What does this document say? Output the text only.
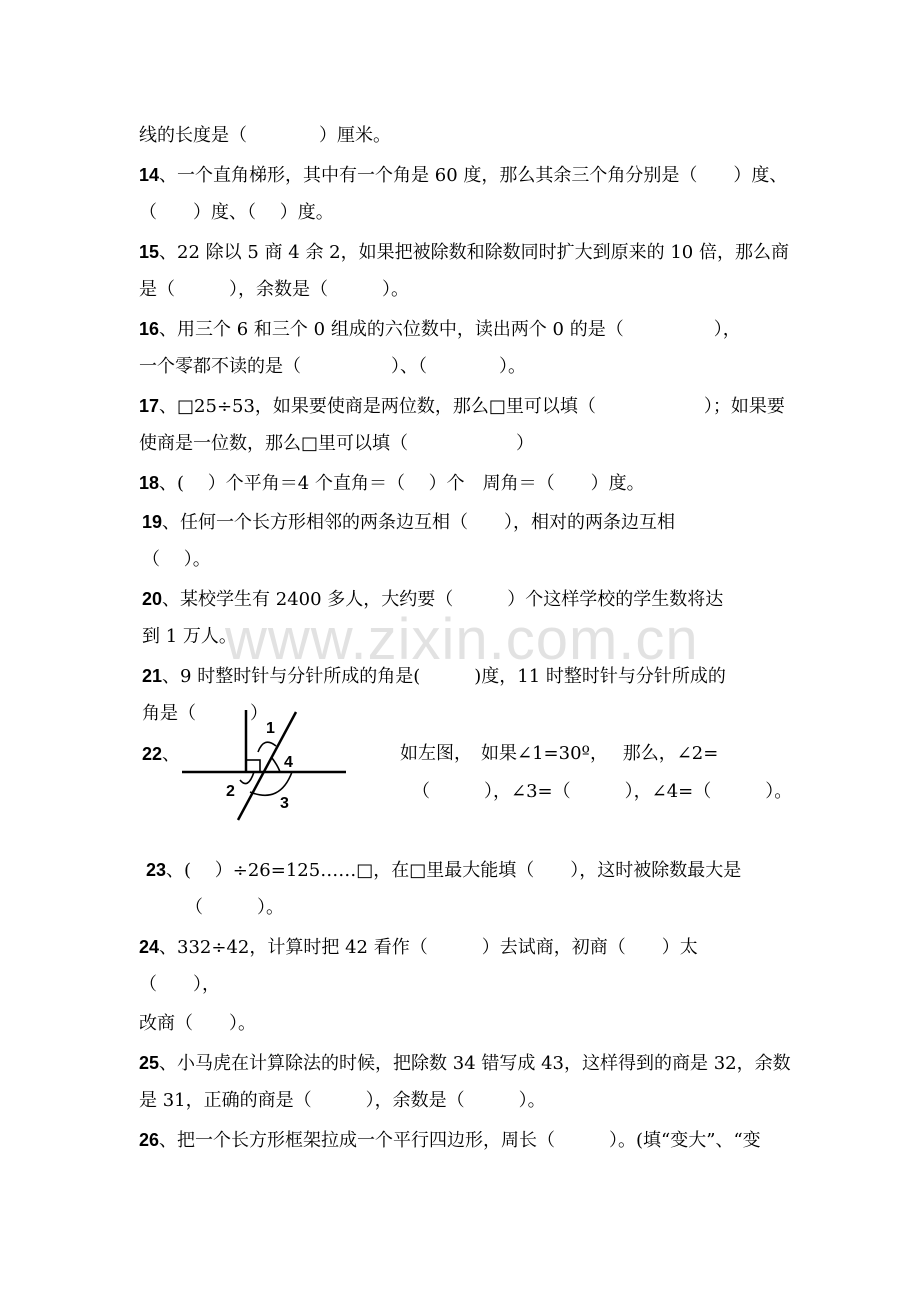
www.zixin.com.cn
线的长度是（　　　　）厘米。
14、一个直角梯形，其中有一个角是 60 度，那么其余三个角分别是（　　）度、
（　　）度、（　 ）度。
15、22 除以 5 商 4 余 2，如果把被除数和除数同时扩大到原来的 10 倍，那么商
是（　　　），余数是（　　　）。
16、用三个 6 和三个 0 组成的六位数中，读出两个 0 的是（　　　　　），
一个零都不读的是（　　　　　）、（　　　　）。
17、□25÷53，如果要使商是两位数，那么□里可以填（　　　　　　）；如果要
使商是一位数，那么□里可以填（　　　　　　）
18、(　 ）个平角＝4 个直角＝（　 ）个　周角＝（　　）度。
19、任何一个长方形相邻的两条边互相（　　），相对的两条边互相
（　 ）。
20、某校学生有 2400 多人，大约要（　　　）个这样学校的学生数将达
到 1 万人。
21、9 时整时针与分针所成的角是(　　　)度，11 时整时针与分针所成的
角是（　　　）
22、
1
4
2
3
如左图，　如果∠1=30º，　 那么，∠2=
（　　　），∠3=（　　　），∠4=（　　　）。
23、(　 ）÷26=125……□，在□里最大能填（　　），这时被除数最大是
（　　　）。
24、332÷42，计算时把 42 看作（　　　）去试商，初商（　　）太
（　　），
改商（　　）。
25、小马虎在计算除法的时候，把除数 34 错写成 43，这样得到的商是 32，余数
是 31，正确的商是（　　　），余数是（　　　）。
26、把一个长方形框架拉成一个平行四边形，周长（　　　）。(填“变大”、“变
